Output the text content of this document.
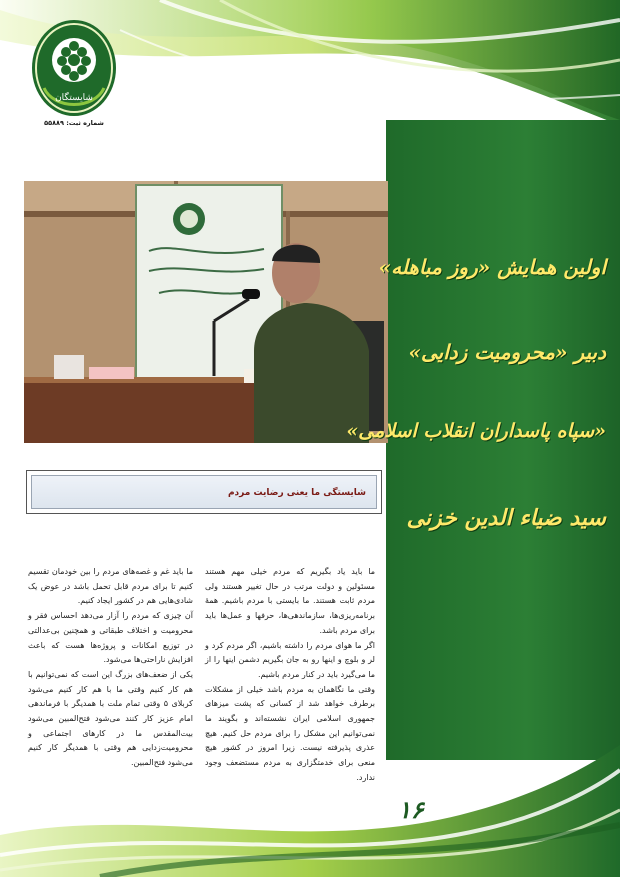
شایستگان
شماره ثبت: ۵۵۸۸۹
اولین همایش «روز مباهله»
دبیر «محرومیت زدایی»
«سپاه پاسداران انقلاب اسلامی»
سید ضیاء الدین خزنی
شایستگی ما یعنی رضایت مردم
ما باید یاد بگیریم که مردم خیلی مهم هستند مسئولین و دولت مرتب در حال تغییر هستند ولی مردم ثابت هستند. ما بایستی با مردم باشیم. همهٔ برنامه‌ریزی‌ها، سازماندهی‌ها، حرفها و عمل‌ها باید برای مردم باشد.
اگر ما هوای مردم را داشته باشیم، اگر مردم کرد و لر و بلوچ و اینها رو به جان بگیریم دشمن اینها را از ما می‌گیرد باید در کنار مردم باشیم.
وقتی ما نگاهمان به مردم باشد خیلی از مشکلات برطرف خواهد شد از کسانی که پشت میزهای جمهوری اسلامی ایران نشسته‌اند و بگویند ما نمی‌توانیم این مشکل را برای مردم حل کنیم. هیچ عذری پذیرفته نیست. زیرا امروز در کشور هیچ منعی برای خدمتگزاری به مردم مستضعف وجود ندارد.
ما باید غم و غصه‌های مردم را بین خودمان تقسیم کنیم تا برای مردم قابل تحمل باشد در عوض یک شادی‌هایی هم در کشور ایجاد کنیم.
آن چیزی که مردم را آزار می‌دهد احساس فقر و محرومیت و اختلاف طبقاتی و همچنین بی‌عدالتی در توزیع امکانات و پروژه‌ها هست که باعث افزایش ناراحتی‌ها می‌شود.
یکی از ضعف‌های بزرگ این است که نمی‌توانیم با هم کار کنیم وقتی ما با هم کار کنیم می‌شود کربلای ۵ وقتی تمام ملت با همدیگر با فرماندهی امام عزیز کار کنند می‌شود فتح‌المبین می‌شود بیت‌المقدس ما در کارهای اجتماعی و محرومیت‌زدایی هم وقتی با همدیگر کار کنیم می‌شود فتح‌المبین.
۱۶
